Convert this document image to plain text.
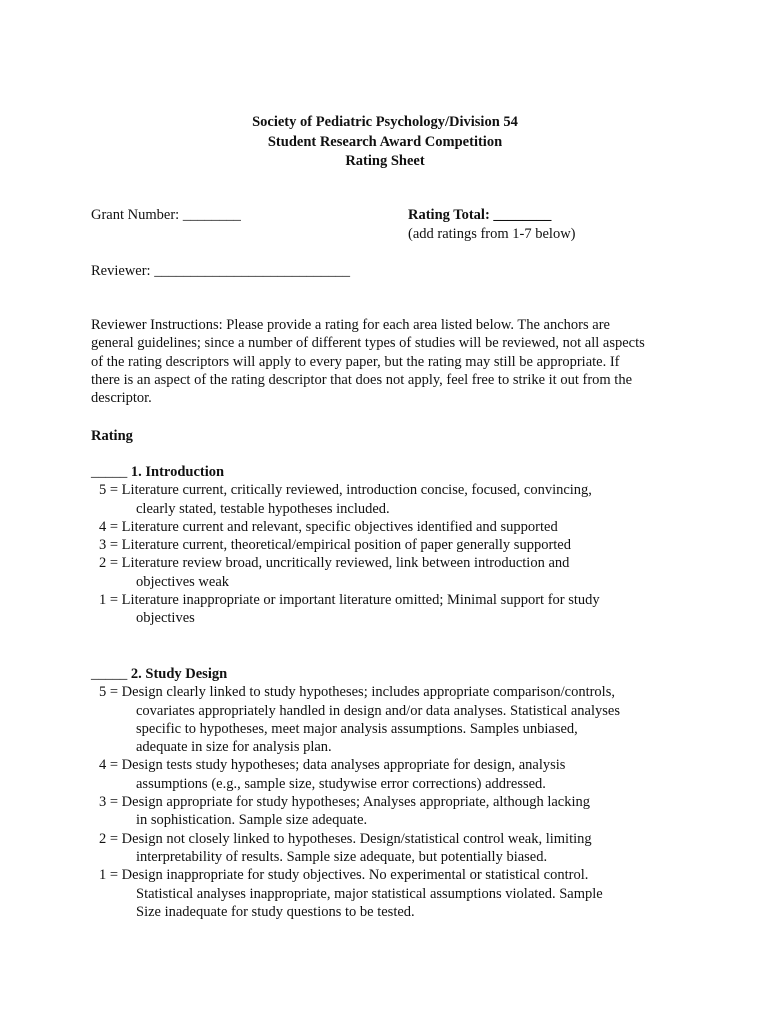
Society of Pediatric Psychology/Division 54
Student Research Award Competition
Rating Sheet
Grant Number: ________	Rating Total: ________
(add ratings from 1-7 below)
Reviewer: ___________________________
Reviewer Instructions: Please provide a rating for each area listed below. The anchors are
general guidelines; since a number of different types of studies will be reviewed, not all aspects
of the rating descriptors will apply to every paper, but the rating may still be appropriate. If
there is an aspect of the rating descriptor that does not apply, feel free to strike it out from the
descriptor.
Rating
_____ 1. Introduction
5 = Literature current, critically reviewed, introduction concise, focused, convincing,
clearly stated, testable hypotheses included.
4 = Literature current and relevant, specific objectives identified and supported
3 = Literature current, theoretical/empirical position of paper generally supported
2 = Literature review broad, uncritically reviewed, link between introduction and
objectives weak
1 = Literature inappropriate or important literature omitted; Minimal support for study
objectives
_____ 2. Study Design
5 = Design clearly linked to study hypotheses; includes appropriate comparison/controls,
covariates appropriately handled in design and/or data analyses. Statistical analyses
specific to hypotheses, meet major analysis assumptions. Samples unbiased,
adequate in size for analysis plan.
4 = Design tests study hypotheses; data analyses appropriate for design, analysis
assumptions (e.g., sample size, studywise error corrections) addressed.
3 = Design appropriate for study hypotheses; Analyses appropriate, although lacking
in sophistication. Sample size adequate.
2 = Design not closely linked to hypotheses. Design/statistical control weak, limiting
interpretability of results. Sample size adequate, but potentially biased.
1 = Design inappropriate for study objectives. No experimental or statistical control.
Statistical analyses inappropriate, major statistical assumptions violated. Sample
Size inadequate for study questions to be tested.
